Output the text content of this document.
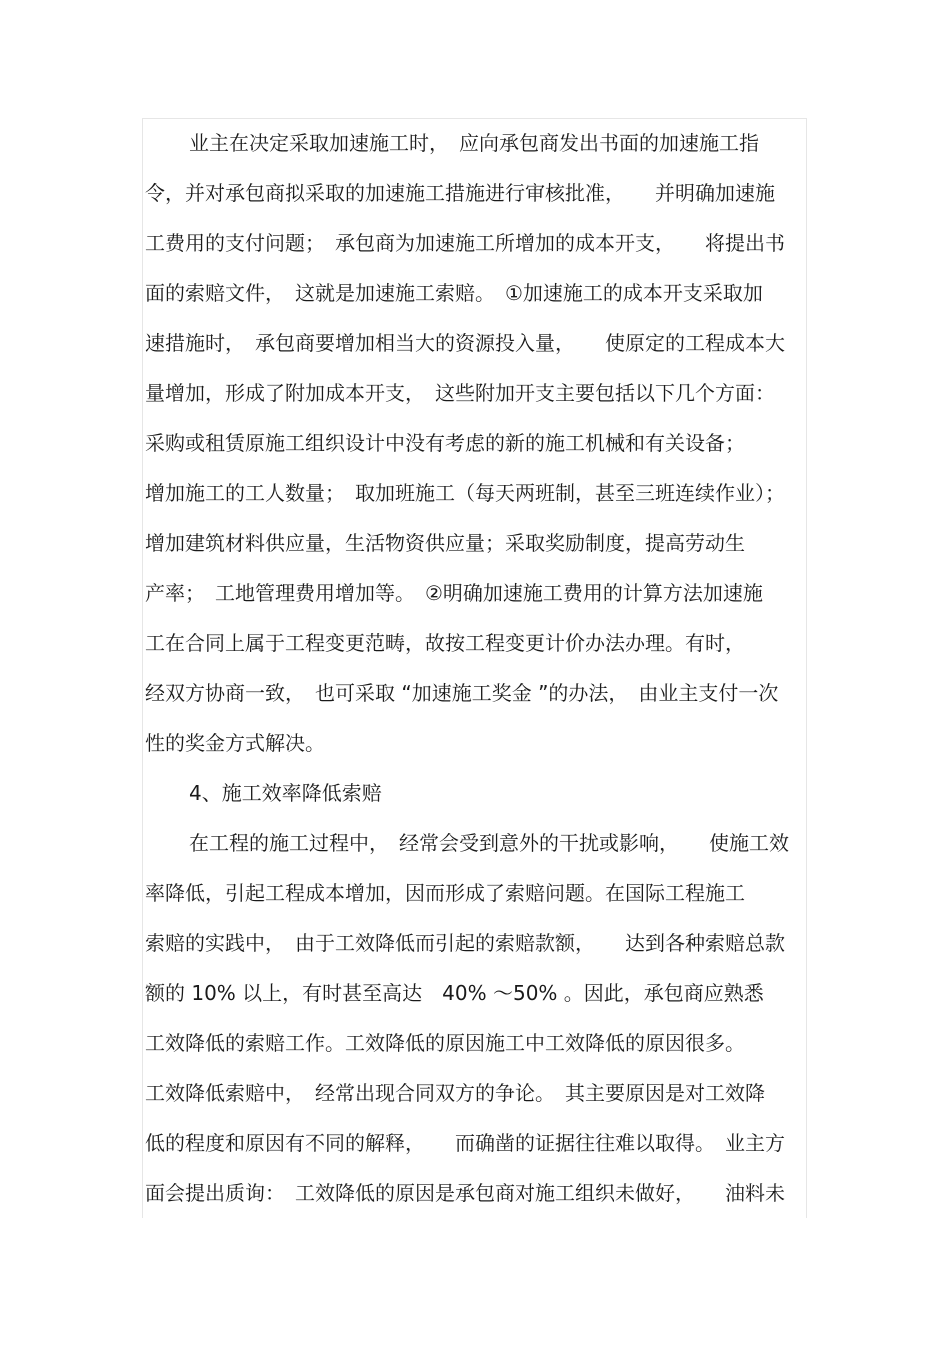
业主在决定采取加速施工时，　应向承包商发出书面的加速施工指
令，并对承包商拟采取的加速施工措施进行审核批准，　　并明确加速施
工费用的支付问题；　承包商为加速施工所增加的成本开支，　　将提出书
面的索赔文件，　这就是加速施工索赔。　①加速施工的成本开支采取加
速措施时，　承包商要增加相当大的资源投入量，　　使原定的工程成本大
量增加，形成了附加成本开支，　这些附加开支主要包括以下几个方面：
采购或租赁原施工组织设计中没有考虑的新的施工机械和有关设备；
增加施工的工人数量；　取加班施工（每天两班制，甚至三班连续作业）；
增加建筑材料供应量，生活物资供应量；采取奖励制度，提高劳动生
产率；　工地管理费用增加等。　②明确加速施工费用的计算方法加速施
工在合同上属于工程变更范畴，故按工程变更计价办法办理。有时，
经双方协商一致，　也可采取 “加速施工奖金 ”的办法，　由业主支付一次
性的奖金方式解决。
4、施工效率降低索赔
在工程的施工过程中，　经常会受到意外的干扰或影响，　　使施工效
率降低，引起工程成本增加，因而形成了索赔问题。在国际工程施工
索赔的实践中，　由于工效降低而引起的索赔款额，　　达到各种索赔总款
额的 10% 以上，有时甚至高达　40% ～50% 。因此，承包商应熟悉
工效降低的索赔工作。工效降低的原因施工中工效降低的原因很多。
工效降低索赔中，　经常出现合同双方的争论。　其主要原因是对工效降
低的程度和原因有不同的解释，　　而确凿的证据往往难以取得。　业主方
面会提出质询：　工效降低的原因是承包商对施工组织未做好，　　油料未
